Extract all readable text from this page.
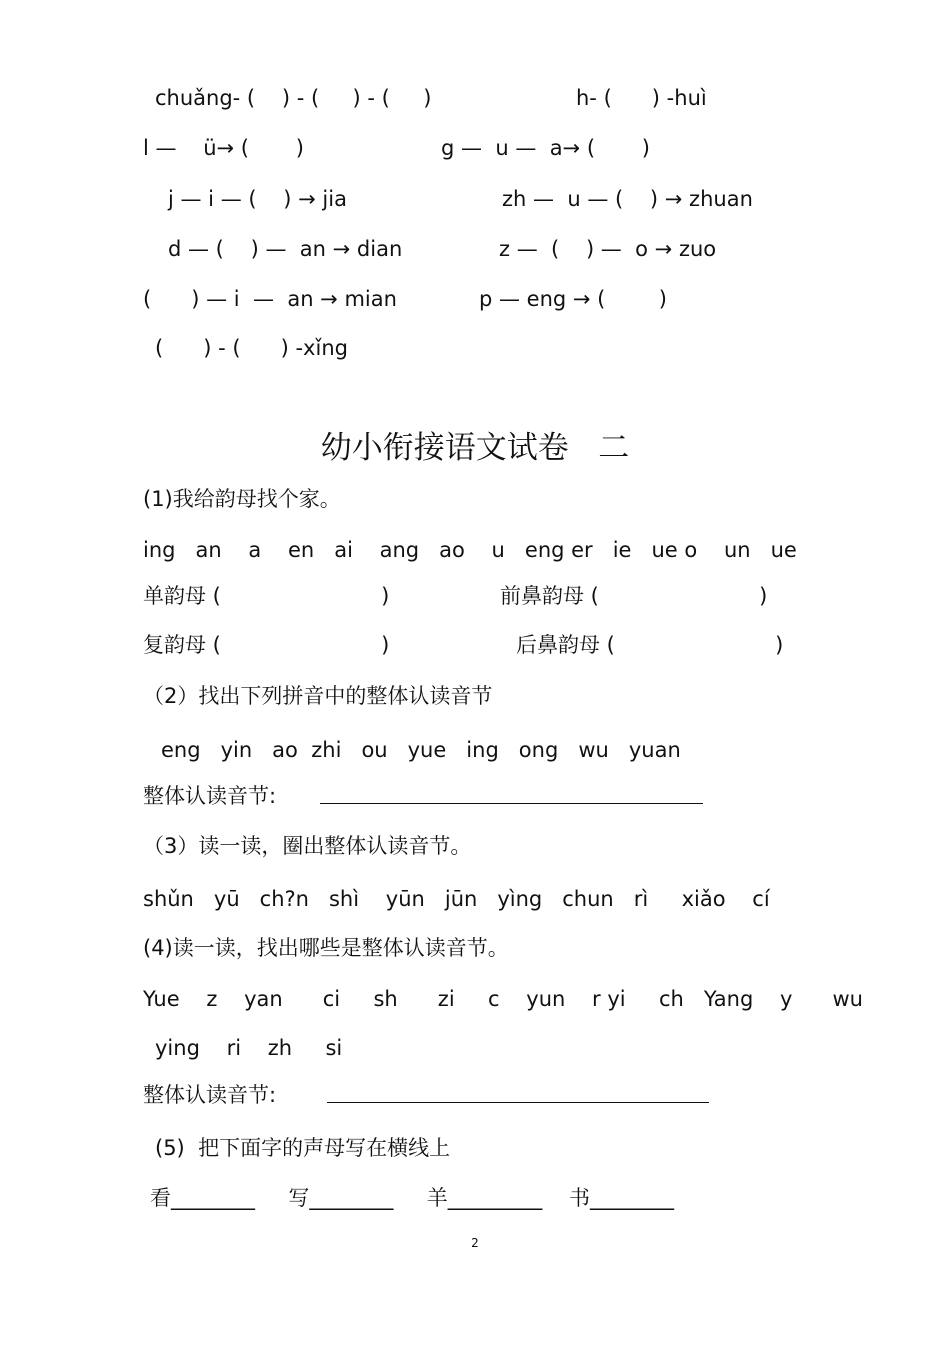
chuǎng- (    ) - (     ) - (     )	h- (      ) -huì
l —    ü→ (       )	g —  u —  a→ (       )
j — i — (    ) → jia	zh —  u — (    ) → zhuan
d — (    ) —  an → dian	z —  (    ) —  o → zuo
(      ) — i  —  an → mian	p — eng → (        )
(      ) - (      ) -xǐng
幼小衔接语文试卷   二
(1)我给韵母找个家。
ing   an    a    en   ai    ang   ao    u   eng er   ie   ue o    un   ue
单韵母 (                        )	前鼻韵母 (                        )
复韵母 (                        )	后鼻韵母 (                        )
（2）找出下列拼音中的整体认读音节
eng   yin   ao  zhi   ou   yue   ing   ong   wu   yuan
整体认读音节:
（3）读一读，圈出整体认读音节。
shǔn   yū   ch?n   shì    yūn   jūn   yìng   chun   rì     xiǎo    cí
(4)读一读，找出哪些是整体认读音节。
Yue    z    yan      ci     sh      zi     c    yun    r yi     ch   Yang    y      wu
ying    ri    zh     si
整体认读音节:
(5)  把下面字的声母写在横线上
看________     写________     羊_________    书________
2
